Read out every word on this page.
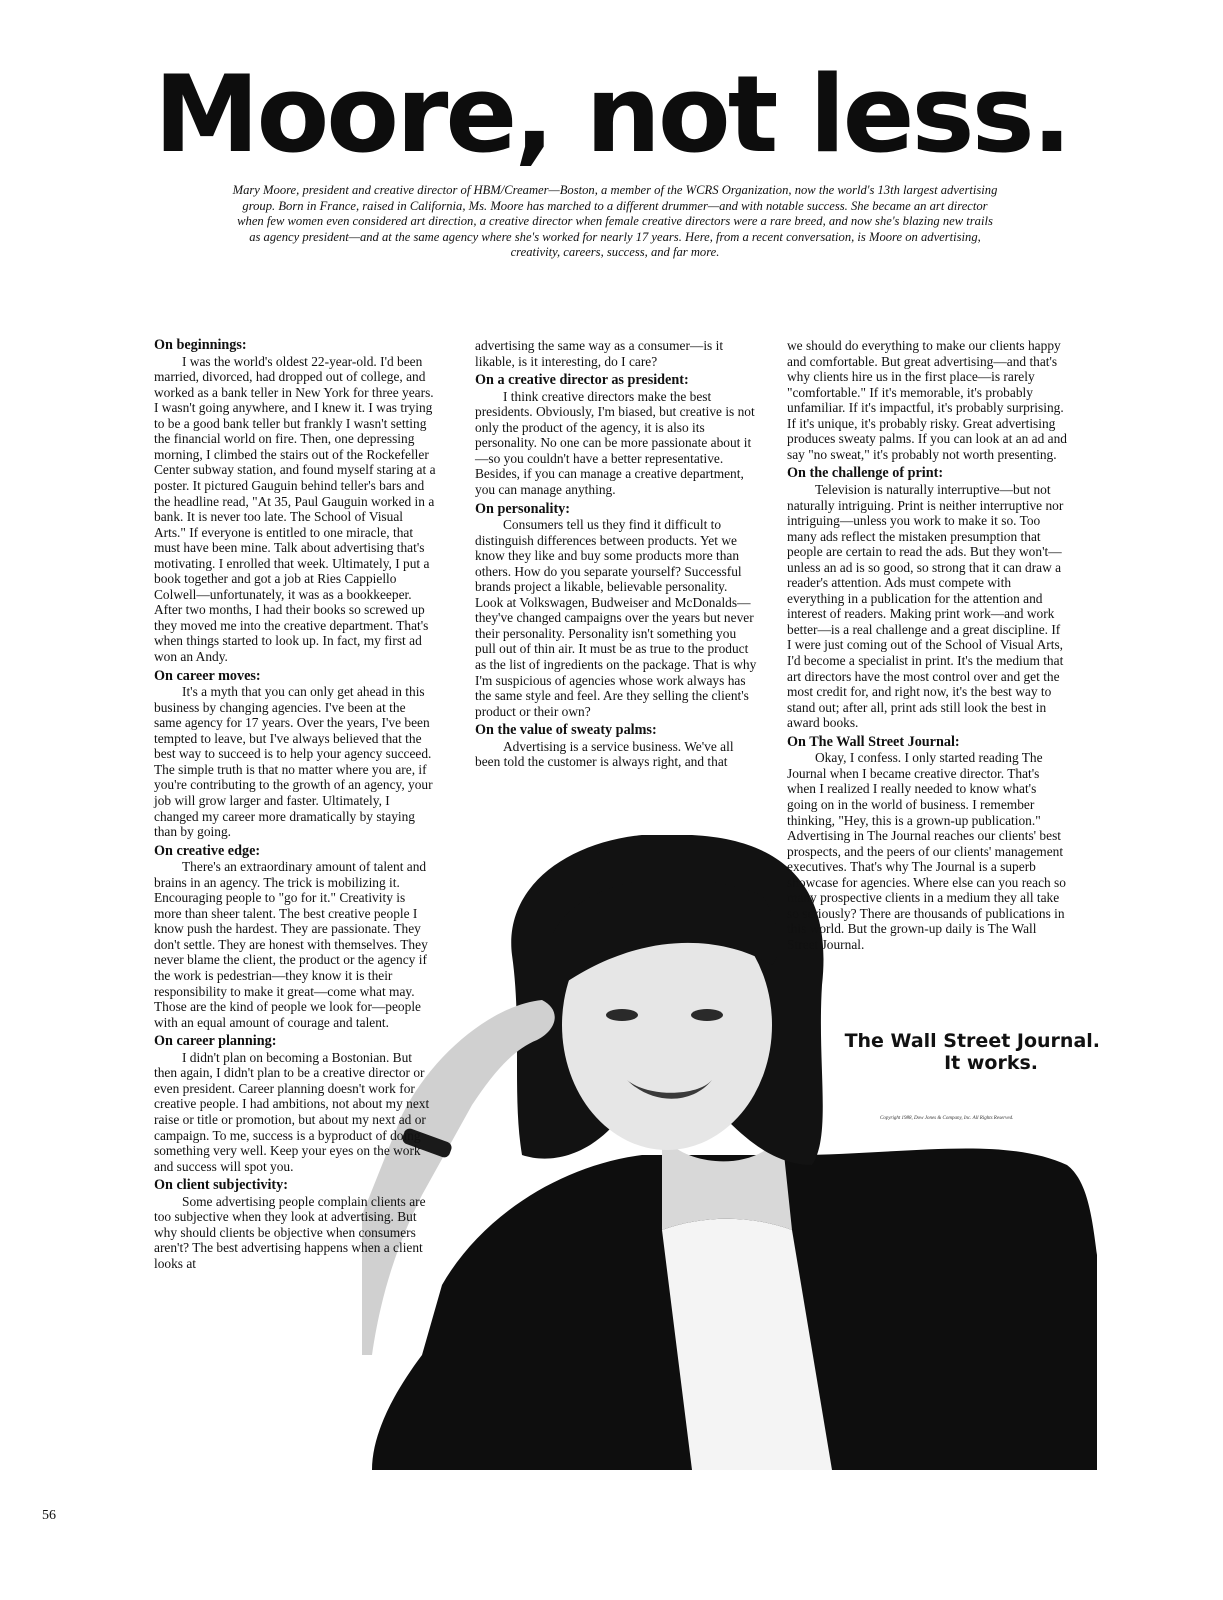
Moore, not less.

Mary Moore, president and creative director of HBM/Creamer—Boston, a member of the WCRS Organization, now the world's 13th largest advertising group. Born in France, raised in California, Ms. Moore has marched to a different drummer—and with notable success. She became an art director when few women even considered art direction, a creative director when female creative directors were a rare breed, and now she's blazing new trails as agency president—and at the same agency where she's worked for nearly 17 years. Here, from a recent conversation, is Moore on advertising, creativity, careers, success, and far more.

On beginnings:

I was the world's oldest 22-year-old. I'd been married, divorced, had dropped out of college, and worked as a bank teller in New York for three years. I wasn't going anywhere, and I knew it. I was trying to be a good bank teller but frankly I wasn't setting the financial world on fire. Then, one depressing morning, I climbed the stairs out of the Rockefeller Center subway station, and found myself staring at a poster. It pictured Gauguin behind teller's bars and the headline read, "At 35, Paul Gauguin worked in a bank. It is never too late. The School of Visual Arts." If everyone is entitled to one miracle, that must have been mine. Talk about advertising that's motivating. I enrolled that week. Ultimately, I put a book together and got a job at Ries Cappiello Colwell—unfortunately, it was as a bookkeeper. After two months, I had their books so screwed up they moved me into the creative department. That's when things started to look up. In fact, my first ad won an Andy.

On career moves:

It's a myth that you can only get ahead in this business by changing agencies. I've been at the same agency for 17 years. Over the years, I've been tempted to leave, but I've always believed that the best way to succeed is to help your agency succeed. The simple truth is that no matter where you are, if you're contributing to the growth of an agency, your job will grow larger and faster. Ultimately, I changed my career more dramatically by staying than by going.

On creative edge:

There's an extraordinary amount of talent and brains in an agency. The trick is mobilizing it. Encouraging people to "go for it." Creativity is more than sheer talent. The best creative people I know push the hardest. They are passionate. They don't settle. They are honest with themselves. They never blame the client, the product or the agency if the work is pedestrian—they know it is their responsibility to make it great—come what may. Those are the kind of people we look for—people with an equal amount of courage and talent.

On career planning:

I didn't plan on becoming a Bostonian. But then again, I didn't plan to be a creative director or even president. Career planning doesn't work for creative people. I had ambitions, not about my next raise or title or promotion, but about my next ad or campaign. To me, success is a byproduct of doing something very well. Keep your eyes on the work and success will spot you.

On client subjectivity:

Some advertising people complain clients are too subjective when they look at advertising. But why should clients be objective when consumers aren't? The best advertising happens when a client looks at

advertising the same way as a consumer—is it likable, is it interesting, do I care?

On a creative director as president:

I think creative directors make the best presidents. Obviously, I'm biased, but creative is not only the product of the agency, it is also its personality. No one can be more passionate about it—so you couldn't have a better representative. Besides, if you can manage a creative department, you can manage anything.

On personality:

Consumers tell us they find it difficult to distinguish differences between products. Yet we know they like and buy some products more than others. How do you separate yourself? Successful brands project a likable, believable personality. Look at Volkswagen, Budweiser and McDonalds—they've changed campaigns over the years but never their personality. Personality isn't something you pull out of thin air. It must be as true to the product as the list of ingredients on the package. That is why I'm suspicious of agencies whose work always has the same style and feel. Are they selling the client's product or their own?

On the value of sweaty palms:

Advertising is a service business. We've all been told the customer is always right, and that

we should do everything to make our clients happy and comfortable. But great advertising—and that's why clients hire us in the first place—is rarely "comfortable." If it's memorable, it's probably unfamiliar. If it's impactful, it's probably surprising. If it's unique, it's probably risky. Great advertising produces sweaty palms. If you can look at an ad and say "no sweat," it's probably not worth presenting.

On the challenge of print:

Television is naturally interruptive—but not naturally intriguing. Print is neither interruptive nor intriguing—unless you work to make it so. Too many ads reflect the mistaken presumption that people are certain to read the ads. But they won't—unless an ad is so good, so strong that it can draw a reader's attention. Ads must compete with everything in a publication for the attention and interest of readers. Making print work—and work better—is a real challenge and a great discipline. If I were just coming out of the School of Visual Arts, I'd become a specialist in print. It's the medium that art directors have the most control over and get the most credit for, and right now, it's the best way to stand out; after all, print ads still look the best in award books.

On The Wall Street Journal:

Okay, I confess. I only started reading The Journal when I became creative director. That's when I realized I really needed to know what's going on in the world of business. I remember thinking, "Hey, this is a grown-up publication." Advertising in The Journal reaches our clients' best prospects, and the peers of our clients' management executives. That's why The Journal is a superb showcase for agencies. Where else can you reach so many prospective clients in a medium they all take so seriously? There are thousands of publications in this world. But the grown-up daily is The Wall Street Journal.

The Wall Street Journal.
It works.
Copyright 1988, Dow Jones & Company, Inc. All Rights Reserved.
56
